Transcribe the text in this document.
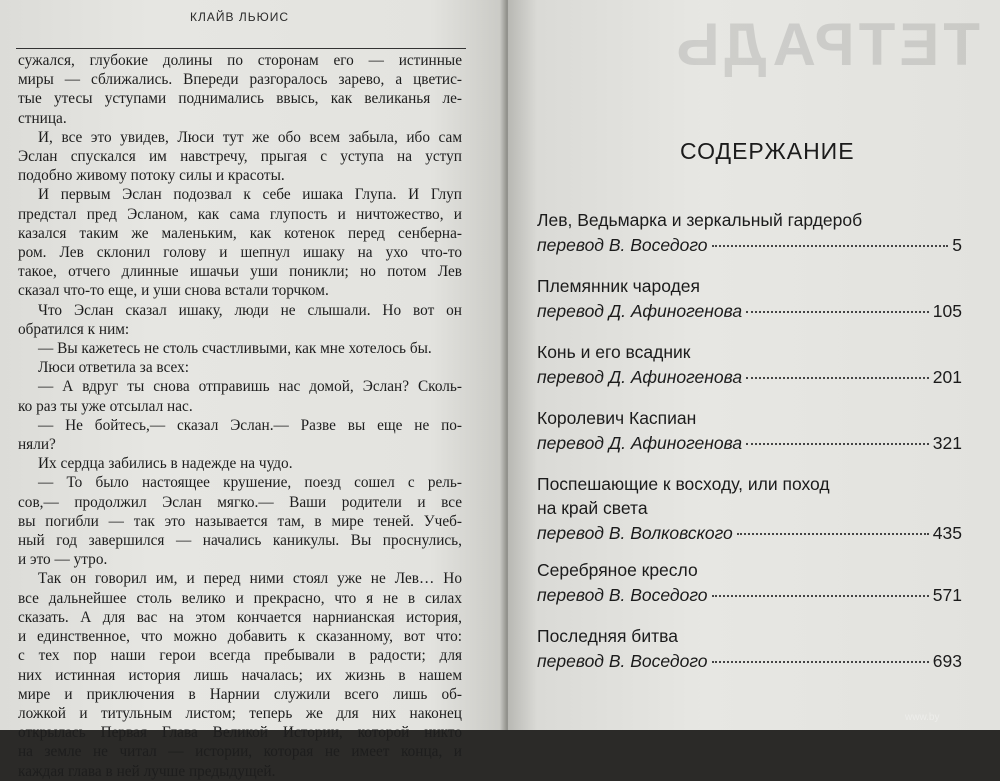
КЛАЙВ ЛЬЮИС
сужался, глубокие долины по сторонам его — истинные
миры — сближались. Впереди разгоралось зарево, а цветис-
тые утесы уступами поднимались ввысь, как великанья ле-
стница.
И, все это увидев, Люси тут же обо всем забыла, ибо сам
Эслан спускался им навстречу, прыгая с уступа на уступ
подобно живому потоку силы и красоты.
И первым Эслан подозвал к себе ишака Глупа. И Глуп
предстал пред Эсланом, как сама глупость и ничтожество, и
казался таким же маленьким, как котенок перед сенберна-
ром. Лев склонил голову и шепнул ишаку на ухо что-то
такое, отчего длинные ишачьи уши поникли; но потом Лев
сказал что-то еще, и уши снова встали торчком.
Что Эслан сказал ишаку, люди не слышали. Но вот он
обратился к ним:
— Вы кажетесь не столь счастливыми, как мне хотелось бы.
Люси ответила за всех:
— А вдруг ты снова отправишь нас домой, Эслан? Сколь-
ко раз ты уже отсылал нас.
— Не бойтесь,— сказал Эслан.— Разве вы еще не по-
няли?
Их сердца забились в надежде на чудо.
— То было настоящее крушение, поезд сошел с рель-
сов,— продолжил Эслан мягко.— Ваши родители и все
вы погибли — так это называется там, в мире теней. Учеб-
ный год завершился — начались каникулы. Вы проснулись,
и это — утро.
Так он говорил им, и перед ними стоял уже не Лев… Но
все дальнейшее столь велико и прекрасно, что я не в силах
сказать. А для вас на этом кончается нарнианская история,
и единственное, что можно добавить к сказанному, вот что:
с тех пор наши герои всегда пребывали в радости; для
них истинная история лишь началась; их жизнь в нашем
мире и приключения в Нарнии служили всего лишь об-
ложкой и титульным листом; теперь же для них наконец
открылась Первая Глава Великой Истории, которой никто
на земле не читал — истории, которая не имеет конца, и
каждая глава в ней лучше предыдущей.
ТЕТРАДЬ
СОДЕРЖАНИЕ
Лев, Ведьмарка и зеркальный гардероб
перевод В. Воседого	5
Племянник чародея
перевод Д. Афиногенова	105
Конь и его всадник
перевод Д. Афиногенова	201
Королевич Каспиан
перевод Д. Афиногенова	321
Поспешающие к восходу, или поход
на край света
перевод В. Волковского	435
Серебряное кресло
перевод В. Воседого	571
Последняя битва
перевод В. Воседого	693
www.by
